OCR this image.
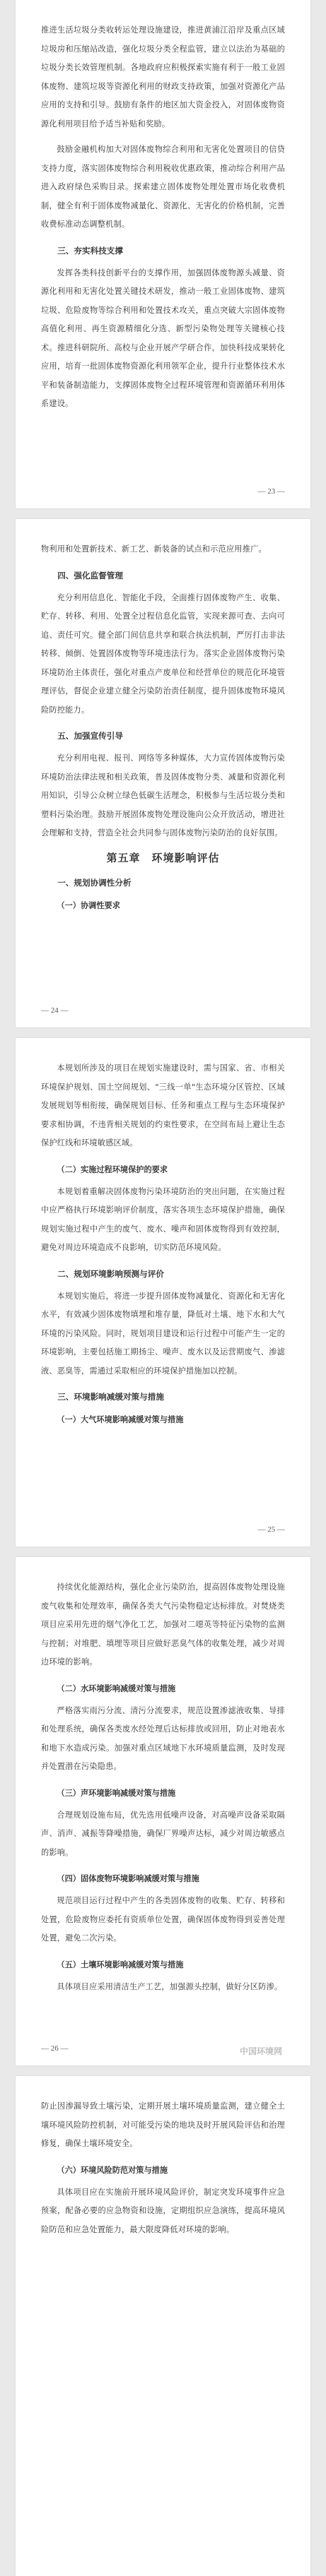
推进生活垃圾分类收转运处理设施建设，推进黄浦江沿岸及重点区域垃圾房和压缩站改造，强化垃圾分类全程监管，建立以法治为基础的垃圾分类长效管理机制。各地政府应积极探索实施有利于一般工业固体废物、建筑垃圾等资源化利用的财政支持政策，加强对资源化产品应用的支持和引导。鼓励有条件的地区加大资金投入，对固体废物资源化利用项目给予适当补贴和奖励。

鼓励金融机构加大对固体废物综合利用和无害化处置项目的信贷支持力度，落实固体废物综合利用税收优惠政策，推动综合利用产品进入政府绿色采购目录。探索建立固体废物处理处置市场化收费机制，健全有利于固体废物减量化、资源化、无害化的价格机制，完善收费标准动态调整机制。

三、夯实科技支撑

发挥各类科技创新平台的支撑作用，加强固体废物源头减量、资源化利用和无害化处置关键技术研发，推动一般工业固体废物、建筑垃圾、危险废物等综合利用和处置技术攻关，重点突破大宗固体废物高值化利用、再生资源精细化分选、新型污染物处理等关键核心技术。推进科研院所、高校与企业开展产学研合作，加快科技成果转化应用，培育一批固体废物资源化利用领军企业，提升行业整体技术水平和装备制造能力，支撑固体废物全过程环境管理和资源循环利用体系建设。

— 23 —

物利用和处置新技术、新工艺、新装备的试点和示范应用推广。

四、强化监督管理

充分利用信息化、智能化手段，全面推行固体废物产生、收集、贮存、转移、利用、处置全过程信息化监管，实现来源可查、去向可追、责任可究。健全部门间信息共享和联合执法机制，严厉打击非法转移、倾倒、处置固体废物等环境违法行为。落实企业固体废物污染环境防治主体责任，强化对重点产废单位和经营单位的规范化环境管理评估，督促企业建立健全污染防治责任制度，提升固体废物环境风险防控能力。

五、加强宣传引导

充分利用电视、报刊、网络等多种媒体，大力宣传固体废物污染环境防治法律法规和相关政策，普及固体废物分类、减量和资源化利用知识，引导公众树立绿色低碳生活理念，积极参与生活垃圾分类和塑料污染治理。鼓励开展固体废物处理设施向公众开放活动，增进社会理解和支持，营造全社会共同参与固体废物污染防治的良好氛围。

第五章　环境影响评估
一、规划协调性分析
（一）协调性要求
— 24 —

本规划所涉及的项目在规划实施建设时，需与国家、省、市相关环境保护规划、国土空间规划、"三线一单"生态环境分区管控、区域发展规划等相衔接，确保规划目标、任务和重点工程与生态环境保护要求相协调，不违背相关规划的约束性要求，在空间布局上避让生态保护红线和环境敏感区域。

（二）实施过程环境保护的要求

本规划着重解决固体废物污染环境防治的突出问题，在实施过程中应严格执行环境影响评价制度，落实各项生态环境保护措施，确保规划实施过程中产生的废气、废水、噪声和固体废物得到有效控制，避免对周边环境造成不良影响，切实防范环境风险。

二、规划环境影响预测与评价

本规划实施后，将进一步提升固体废物减量化、资源化和无害化水平，有效减少固体废物填埋和堆存量，降低对土壤、地下水和大气环境的污染风险。同时，规划项目建设和运行过程中可能产生一定的环境影响，主要包括施工期扬尘、噪声、废水以及运营期废气、渗滤液、恶臭等，需通过采取相应的环境保护措施加以控制。

三、环境影响减缓对策与措施
（一）大气环境影响减缓对策与措施
— 25 —

持续优化能源结构，强化企业污染防治，提高固体废物处理设施废气收集和处理效率，确保各类大气污染物稳定达标排放。对焚烧类项目应采用先进的烟气净化工艺，加强对二噁英等特征污染物的监测与控制；对堆肥、填埋等项目应做好恶臭气体的收集处理，减少对周边环境的影响。

（二）水环境影响减缓对策与措施

严格落实雨污分流、清污分流要求，规范设置渗滤液收集、导排和处理系统，确保各类废水经处理后达标排放或回用，防止对地表水和地下水造成污染。加强对重点区域地下水环境质量监测，及时发现并处置潜在污染隐患。

（三）声环境影响减缓对策与措施

合理规划设施布局，优先选用低噪声设备，对高噪声设备采取隔声、消声、减振等降噪措施，确保厂界噪声达标，减少对周边敏感点的影响。

（四）固体废物环境影响减缓对策与措施

规范项目运行过程中产生的各类固体废物的收集、贮存、转移和处置，危险废物应委托有资质单位处置，确保固体废物得到妥善处理处置，避免二次污染。

（五）土壤环境影响减缓对策与措施

具体项目应采用清洁生产工艺，加强源头控制，做好分区防渗。

— 26 —	中国环境网

防止因渗漏导致土壤污染，定期开展土壤环境质量监测，建立健全土壤环境风险防控机制，对可能受污染的地块及时开展风险评估和治理修复，确保土壤环境安全。

（六）环境风险防范对策与措施

具体项目应在实施前开展环境风险评价，制定突发环境事件应急预案，配备必要的应急物资和设施，定期组织应急演练，提高环境风险防范和应急处置能力，最大限度降低对环境的影响。
